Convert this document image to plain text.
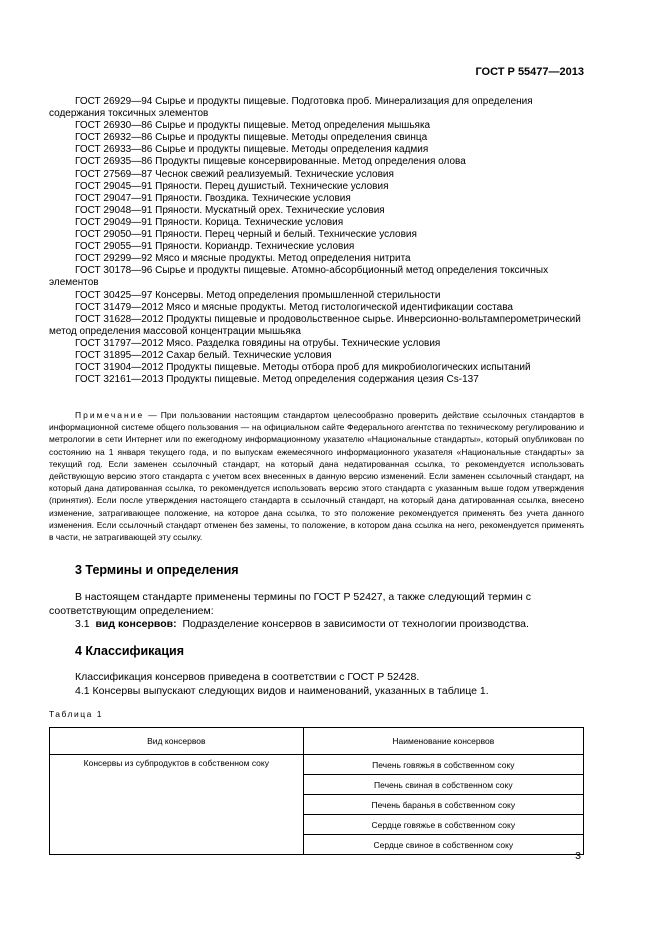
ГОСТ Р 55477—2013

ГОСТ 26929—94 Сырье и продукты пищевые. Подготовка проб. Минерализация для определения содержания токсичных элементов

ГОСТ 26930—86 Сырье и продукты пищевые. Метод определения мышьяка

ГОСТ 26932—86 Сырье и продукты пищевые. Методы определения свинца

ГОСТ 26933—86 Сырье и продукты пищевые. Методы определения кадмия

ГОСТ 26935—86 Продукты пищевые консервированные. Метод определения олова

ГОСТ 27569—87 Чеснок свежий реализуемый. Технические условия

ГОСТ 29045—91 Пряности. Перец душистый. Технические условия

ГОСТ 29047—91 Пряности. Гвоздика. Технические условия

ГОСТ 29048—91 Пряности. Мускатный орех. Технические условия

ГОСТ 29049—91 Пряности. Корица. Технические условия

ГОСТ 29050—91 Пряности. Перец черный и белый. Технические условия

ГОСТ 29055—91 Пряности. Кориандр. Технические условия

ГОСТ 29299—92 Мясо и мясные продукты. Метод определения нитрита

ГОСТ 30178—96 Сырье и продукты пищевые. Атомно-абсорбционный метод определения токсичных элементов

ГОСТ 30425—97 Консервы. Метод определения промышленной стерильности

ГОСТ 31479—2012 Мясо и мясные продукты. Метод гистологической идентификации состава

ГОСТ 31628—2012 Продукты пищевые и продовольственное сырье. Инверсионно-вольтамперометрический метод определения массовой концентрации мышьяка

ГОСТ 31797—2012 Мясо. Разделка говядины на отрубы. Технические условия

ГОСТ 31895—2012 Сахар белый. Технические условия

ГОСТ 31904—2012 Продукты пищевые. Методы отбора проб для микробиологических испытаний

ГОСТ 32161—2013 Продукты пищевые. Метод определения содержания цезия Cs-137

Примечание — При пользовании настоящим стандартом целесообразно проверить действие ссылочных стандартов в информационной системе общего пользования — на официальном сайте Федерального агентства по техническому регулированию и метрологии в сети Интернет или по ежегодному информационному указателю «Национальные стандарты», который опубликован по состоянию на 1 января текущего года, и по выпускам ежемесячного информационного указателя «Национальные стандарты» за текущий год. Если заменен ссылочный стандарт, на который дана недатированная ссылка, то рекомендуется использовать действующую версию этого стандарта с учетом всех внесенных в данную версию изменений. Если заменен ссылочный стандарт, на который дана датированная ссылка, то рекомендуется использовать версию этого стандарта с указанным выше годом утверждения (принятия). Если после утверждения настоящего стандарта в ссылочный стандарт, на который дана датированная ссылка, внесено изменение, затрагивающее положение, на которое дана ссылка, то это положение рекомендуется применять без учета данного изменения. Если ссылочный стандарт отменен без замены, то положение, в котором дана ссылка на него, рекомендуется применять в части, не затрагивающей эту ссылку.

3 Термины и определения

В настоящем стандарте применены термины по ГОСТ Р 52427, а также следующий термин с соответствующим определением:

3.1 вид консервов: Подразделение консервов в зависимости от технологии производства.

4 Классификация

Классификация консервов приведена в соответствии с ГОСТ Р 52428.

4.1 Консервы выпускают следующих видов и наименований, указанных в таблице 1.

Таблица 1

Вид консервов	Наименование консервов
Консервы из субпродуктов в собственном соку	Печень говяжья в собственном соку
	Печень свиная в собственном соку
	Печень баранья в собственном соку
	Сердце говяжье в собственном соку
	Сердце свиное в собственном соку
3
